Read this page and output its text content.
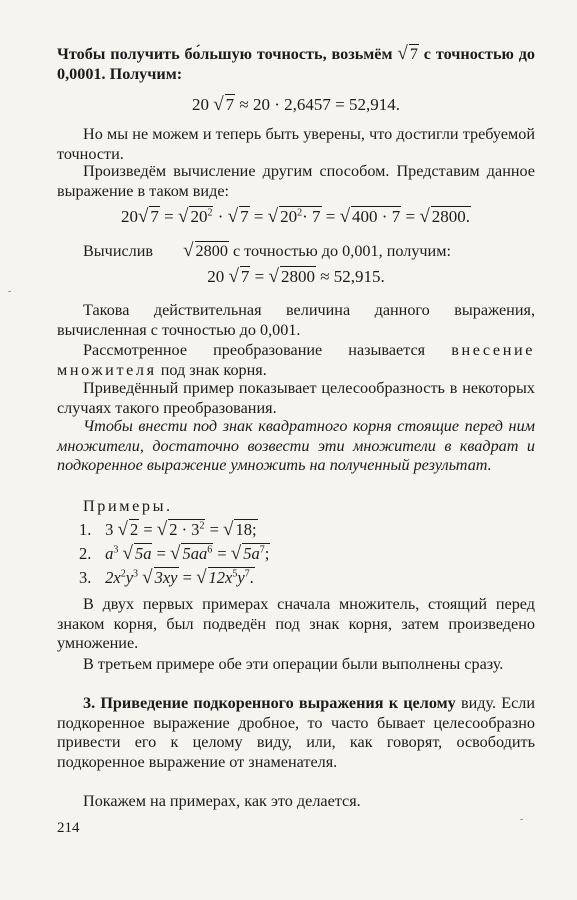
Чтобы получить бо́льшую точность, возьмём √ 7 с точностью до 0,0001. Получим:

20 √ 7 ≈ 20 · 2,6457 = 52,914.

Но мы не можем и теперь быть уверены, что достигли требуемой точности.

Произведём вычисление другим способом. Представим данное выражение в таком виде:

20√ 7 = √ $20^2$ · √ 7 = √ $20^2\cdot 7$ = √ 400 · 7 = √ 2800.

Вычислив √ 2800 с точностью до 0,001, получим:

20 √ 7 = √ 2800 ≈ 52,915.

Такова действительная величина данного выражения, вычисленная с точностью до 0,001.

Рассмотренное преобразование называется внесение множителя под знак корня.

Приведённый пример показывает целесообразность в некоторых случаях такого преобразования.

Чтобы внести под знак квадратного корня стоящие перед ним множители, достаточно возвести эти множители в квадрат и подкоренное выражение умножить на полученный результат.

Примеры.

1. 3 √ 2 = √ $2 \cdot 3^2$ = √ 18;

2. $a^3$ √ 5a = √ $5aa^6$ = √ $5a^7$;

3. $2x^2y^3$ √ 3xy = √ $12x^5y^7$.

В двух первых примерах сначала множитель, стоящий перед знаком корня, был подведён под знак корня, затем произведено умножение.

В третьем примере обе эти операции были выполнены сразу.

3. Приведение подкоренного выражения к целому виду. Если подкоренное выражение дробное, то часто бывает целесообразно привести его к целому виду, или, как говорят, освободить подкоренное выражение от знаменателя.

Покажем на примерах, как это делается.

214
-
-
